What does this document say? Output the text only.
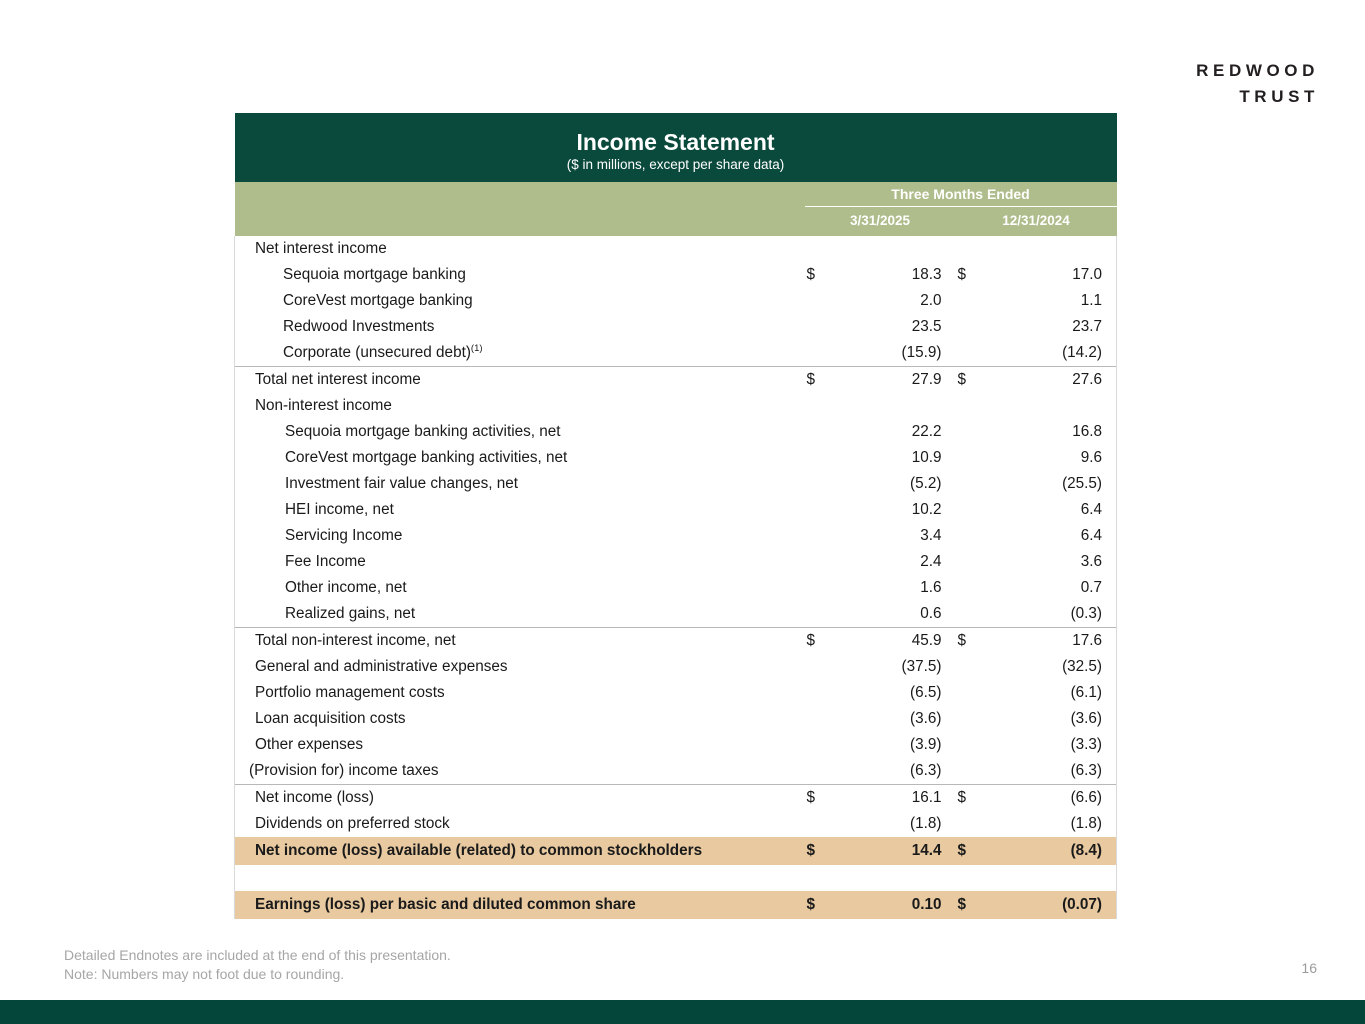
REDWOOD
TRUST
Income Statement
($ in millions, except per share data)				

	Three Months Ended			
	3/31/2025		12/31/2024	
Net interest income				
Sequoia mortgage banking	$	18.3	$	17.0
CoreVest mortgage banking		2.0		1.1
Redwood Investments		23.5		23.7
Corporate (unsecured debt)$^{(1)}$		(15.9)		(14.2)
Total net interest income	$	27.9	$	27.6
Non-interest income				
Sequoia mortgage banking activities, net		22.2		16.8
CoreVest mortgage banking activities, net		10.9		9.6
Investment fair value changes, net		(5.2)		(25.5)
HEI income, net		10.2		6.4
Servicing Income		3.4		6.4
Fee Income		2.4		3.6
Other income, net		1.6		0.7
Realized gains, net		0.6		(0.3)
Total non-interest income, net	$	45.9	$	17.6
General and administrative expenses		(37.5)		(32.5)
Portfolio management costs		(6.5)		(6.1)
Loan acquisition costs		(3.6)		(3.6)
Other expenses		(3.9)		(3.3)
(Provision for) income taxes		(6.3)		(6.3)
Net income (loss)	$	16.1	$	(6.6)
Dividends on preferred stock		(1.8)		(1.8)
Net income (loss) available (related) to common stockholders	$	14.4	$	(8.4)

Earnings (loss) per basic and diluted common share	$	0.10	$	(0.07)
Detailed Endnotes are included at the end of this presentation.
Note: Numbers may not foot due to rounding.	16
